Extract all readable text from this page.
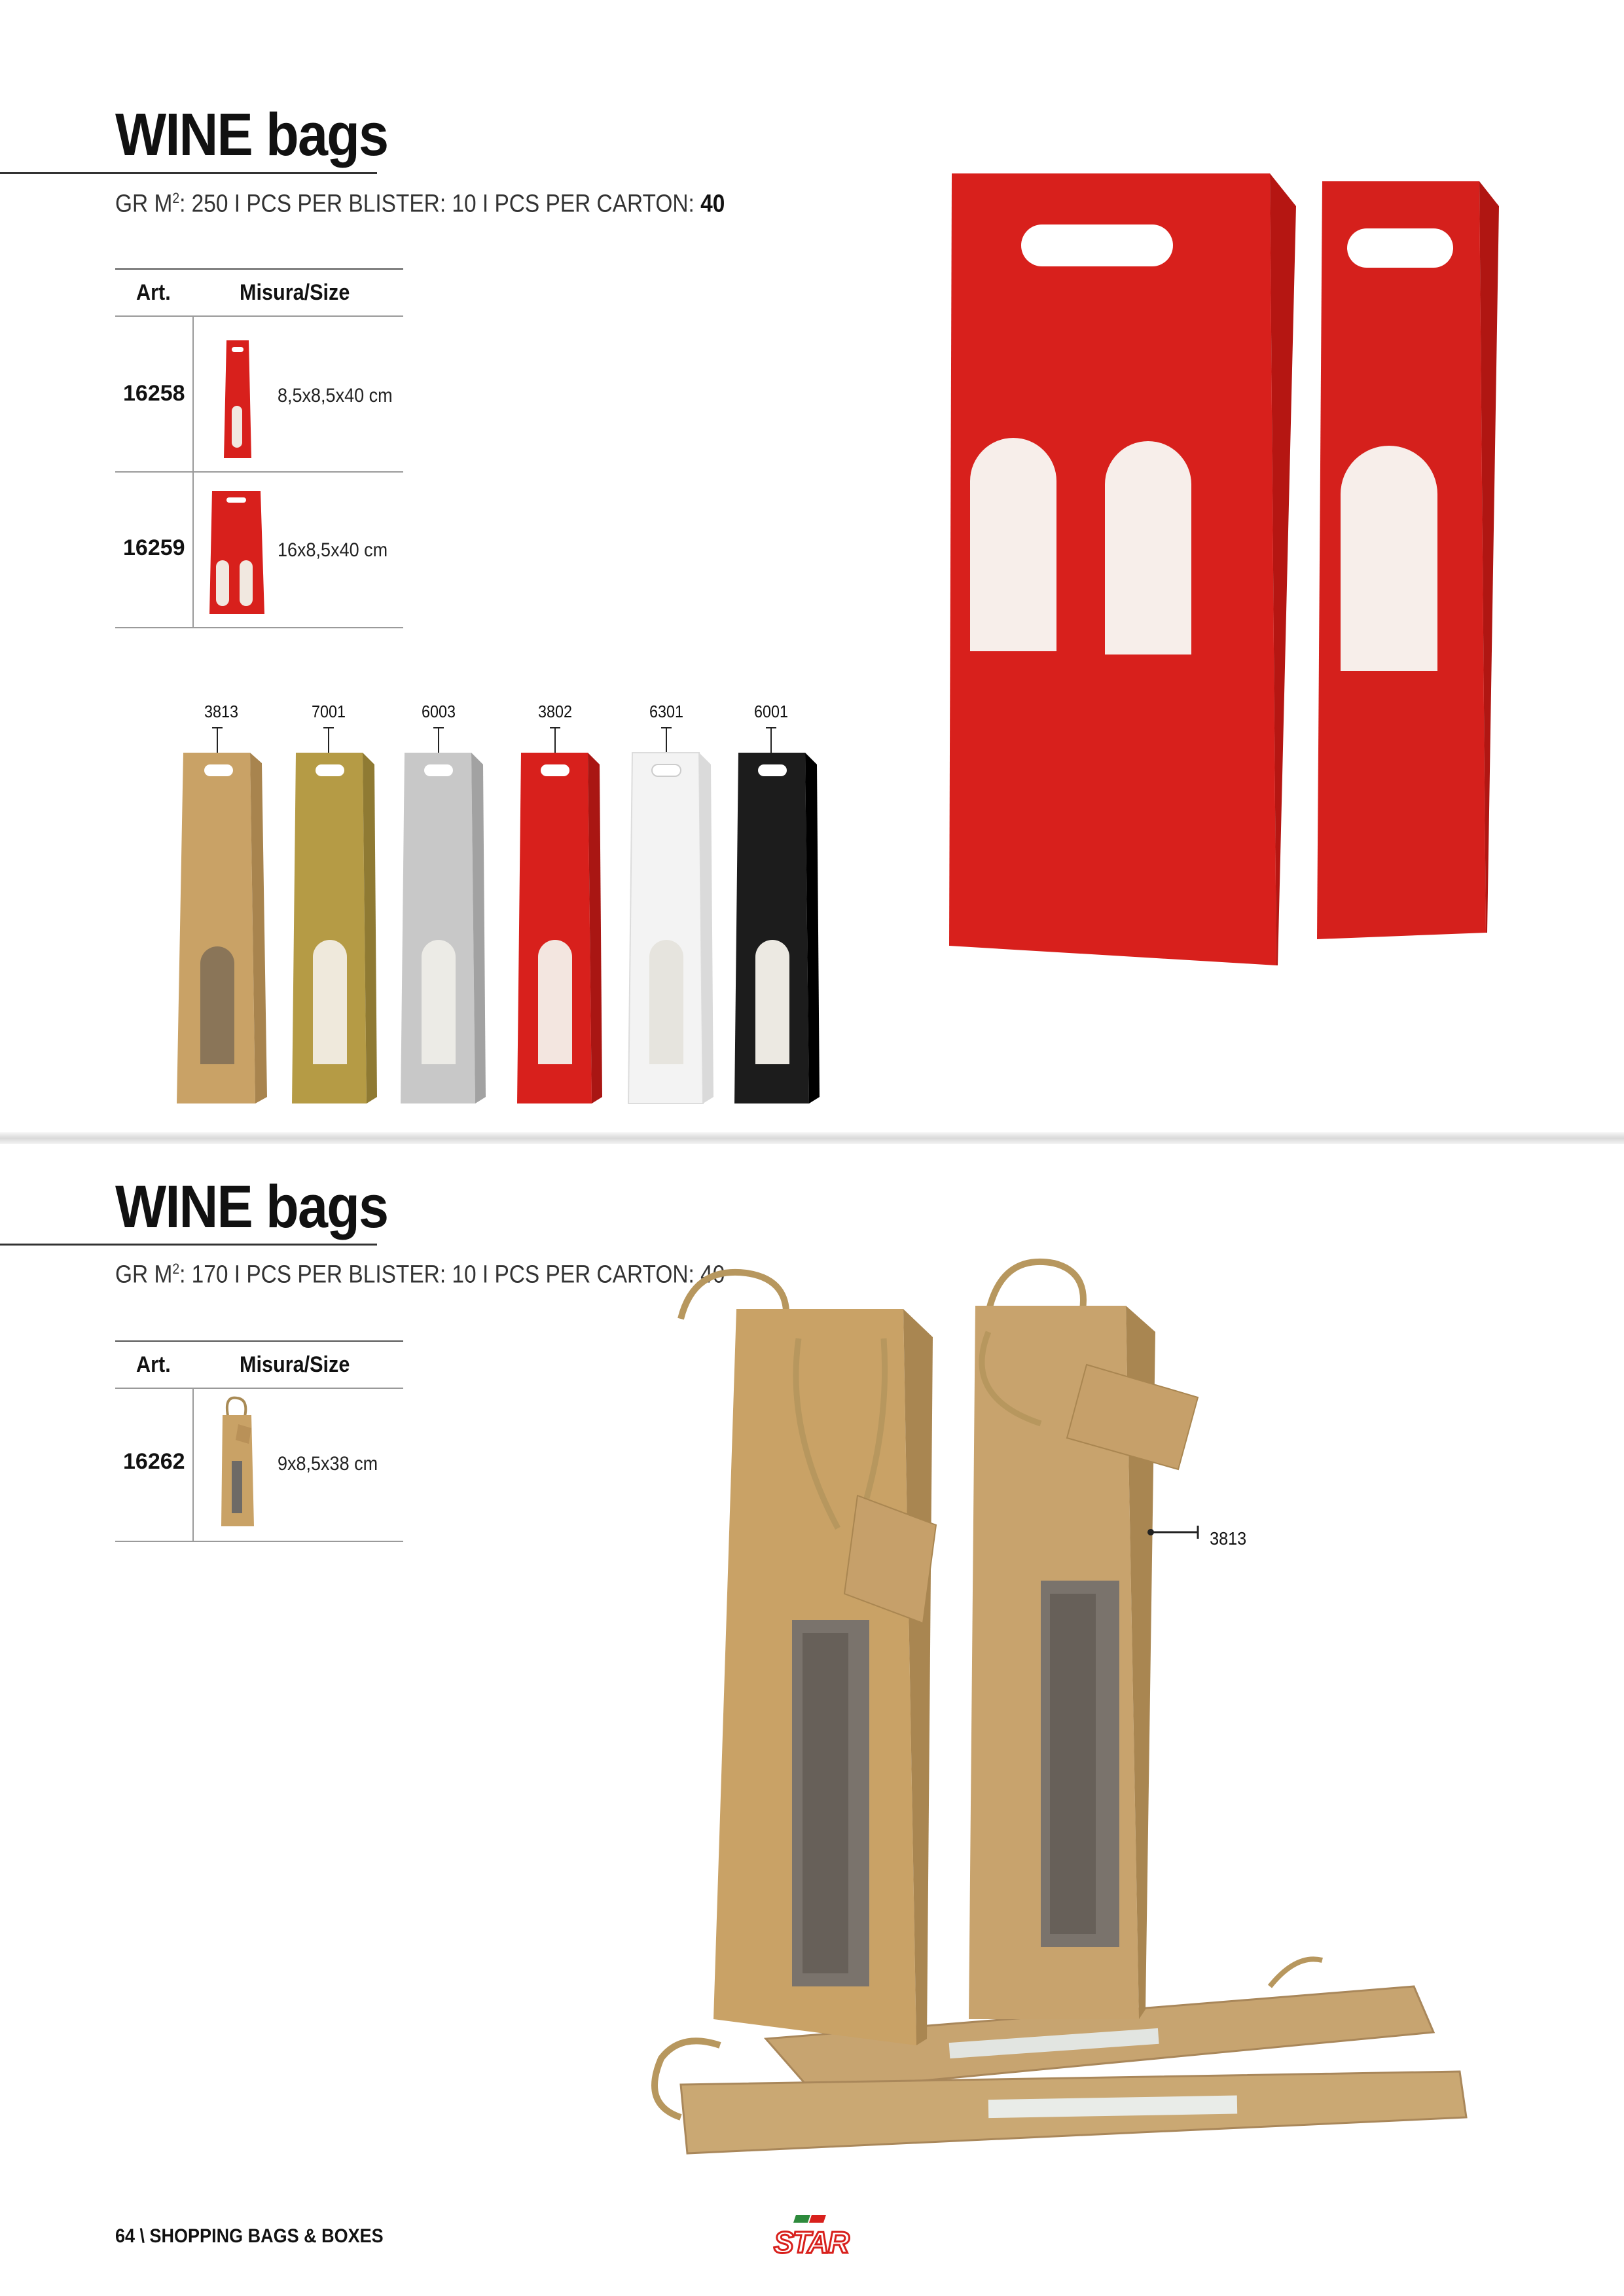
WINE bags
GR $M^2$: 250 I PCS PER BLISTER: 10 I PCS PER CARTON: 40
Art.	Misura/Size
16258	8,5x8,5x40 cm
16259	16x8,5x40 cm
3813	7001	6003	3802	6301	6001
WINE bags
GR $M^2$: 170 I PCS PER BLISTER: 10 I PCS PER CARTON: 40
Art.	Misura/Size
16262	9x8,5x38 cm
3813
64 \ SHOPPING BAGS & BOXES	STAR
